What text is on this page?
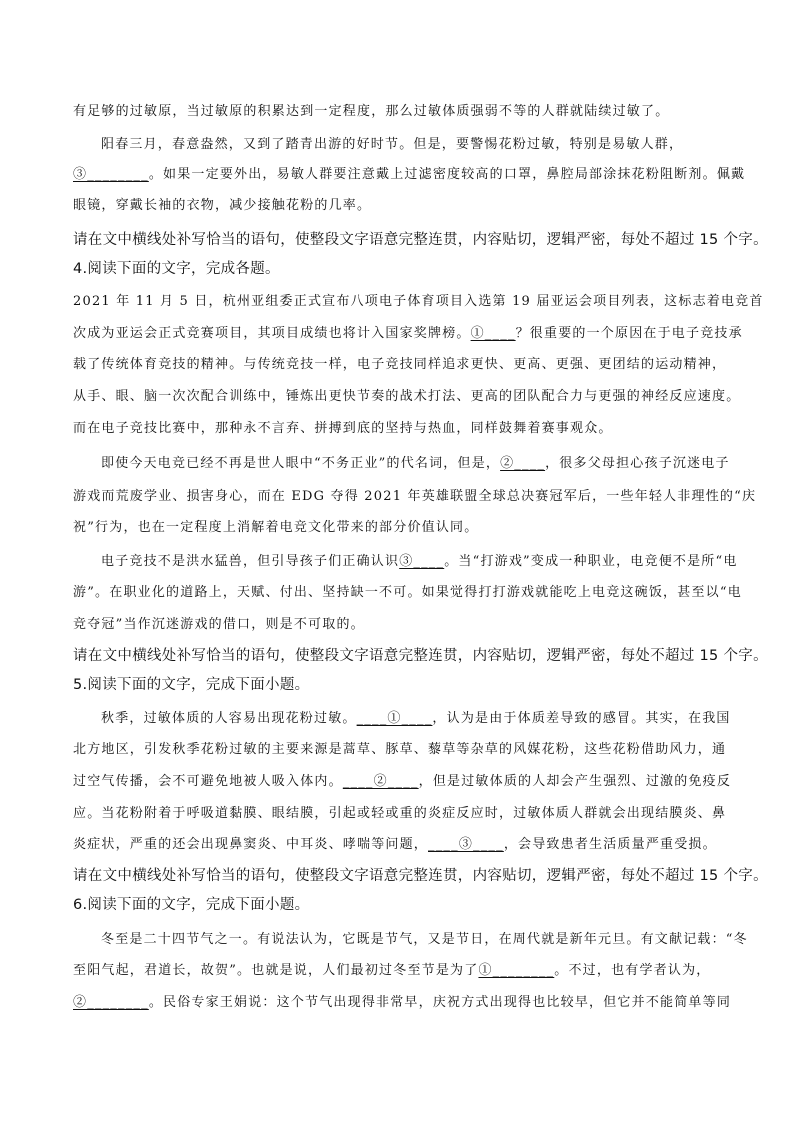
有足够的过敏原，当过敏原的积累达到一定程度，那么过敏体质强弱不等的人群就陆续过敏了。
阳春三月，春意盎然，又到了踏青出游的好时节。但是，要警惕花粉过敏，特别是易敏人群，
③________。如果一定要外出，易敏人群要注意戴上过滤密度较高的口罩，鼻腔局部涂抹花粉阻断剂。佩戴
眼镜，穿戴长袖的衣物，减少接触花粉的几率。
请在文中横线处补写恰当的语句，使整段文字语意完整连贯，内容贴切，逻辑严密，每处不超过 15 个字。
4.阅读下面的文字，完成各题。
2021 年 11 月 5 日，杭州亚组委正式宣布八项电子体育项目入选第 19 届亚运会项目列表，这标志着电竞首
次成为亚运会正式竞赛项目，其项目成绩也将计入国家奖牌榜。①____？很重要的一个原因在于电子竞技承
载了传统体育竞技的精神。与传统竞技一样，电子竞技同样追求更快、更高、更强、更团结的运动精神，
从手、眼、脑一次次配合训练中，锤炼出更快节奏的战术打法、更高的团队配合力与更强的神经反应速度。
而在电子竞技比赛中，那种永不言弃、拼搏到底的坚持与热血，同样鼓舞着赛事观众。
即使今天电竞已经不再是世人眼中“不务正业”的代名词，但是，②____，很多父母担心孩子沉迷电子
游戏而荒废学业、损害身心，而在 EDG 夺得 2021 年英雄联盟全球总决赛冠军后，一些年轻人非理性的“庆
祝”行为，也在一定程度上消解着电竞文化带来的部分价值认同。
电子竞技不是洪水猛兽，但引导孩子们正确认识③____。当“打游戏”变成一种职业，电竞便不是所“电
游”。在职业化的道路上，天赋、付出、坚持缺一不可。如果觉得打打游戏就能吃上电竞这碗饭，甚至以“电
竞夺冠”当作沉迷游戏的借口，则是不可取的。
请在文中横线处补写恰当的语句，使整段文字语意完整连贯，内容贴切，逻辑严密，每处不超过 15 个字。
5.阅读下面的文字，完成下面小题。
秋季，过敏体质的人容易出现花粉过敏。____①____，认为是由于体质差导致的感冒。其实，在我国
北方地区，引发秋季花粉过敏的主要来源是蒿草、豚草、藜草等杂草的风媒花粉，这些花粉借助风力，通
过空气传播，会不可避免地被人吸入体内。____②____，但是过敏体质的人却会产生强烈、过激的免疫反
应。当花粉附着于呼吸道黏膜、眼结膜，引起或轻或重的炎症反应时，过敏体质人群就会出现结膜炎、鼻
炎症状，严重的还会出现鼻窦炎、中耳炎、哮喘等问题，____③____，会导致患者生活质量严重受损。
请在文中横线处补写恰当的语句，使整段文字语意完整连贯，内容贴切，逻辑严密，每处不超过 15 个字。
6.阅读下面的文字，完成下面小题。
冬至是二十四节气之一。有说法认为，它既是节气，又是节日，在周代就是新年元旦。有文献记载：“冬
至阳气起，君道长，故贺”。也就是说，人们最初过冬至节是为了①________。不过，也有学者认为，
②________。民俗专家王娟说：这个节气出现得非常早，庆祝方式出现得也比较早，但它并不能简单等同
